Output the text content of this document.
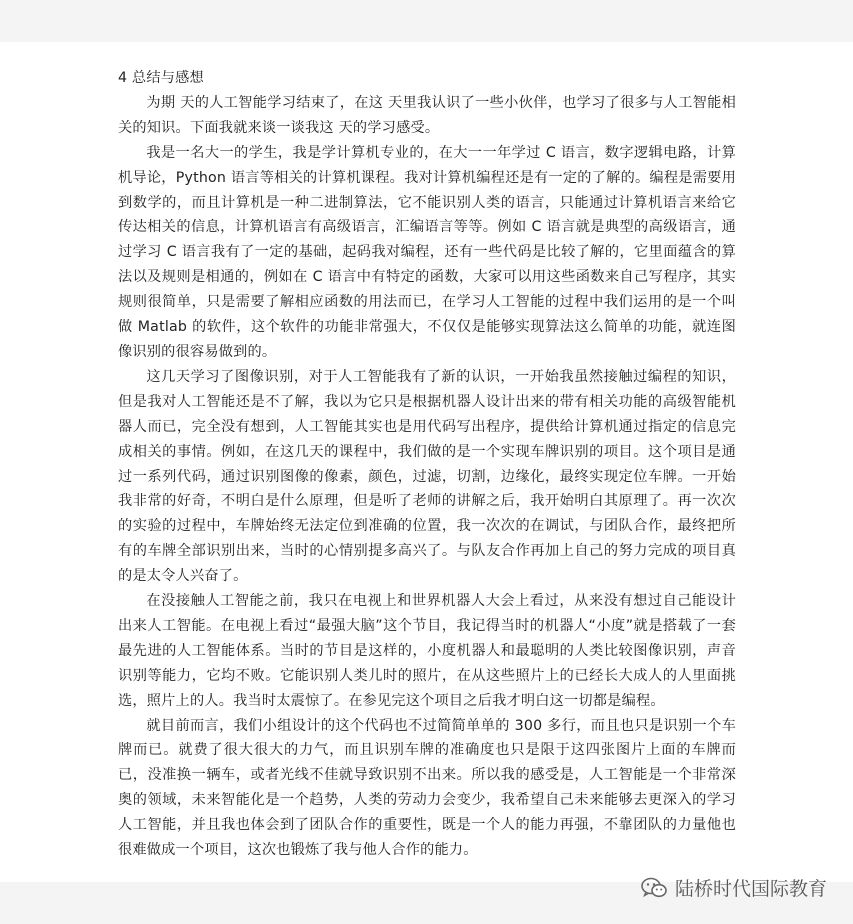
4 总结与感想

为期 天的人工智能学习结束了，在这 天里我认识了一些小伙伴，也学习了很多与人工智能相关的知识。下面我就来谈一谈我这 天的学习感受。

我是一名大一的学生，我是学计算机专业的，在大一一年学过 C 语言，数字逻辑电路，计算机导论，Python 语言等相关的计算机课程。我对计算机编程还是有一定的了解的。编程是需要用到数学的，而且计算机是一种二进制算法，它不能识别人类的语言，只能通过计算机语言来给它传达相关的信息，计算机语言有高级语言，汇编语言等等。例如 C 语言就是典型的高级语言，通过学习 C 语言我有了一定的基础，起码我对编程，还有一些代码是比较了解的，它里面蕴含的算法以及规则是相通的，例如在 C 语言中有特定的函数，大家可以用这些函数来自己写程序，其实规则很简单，只是需要了解相应函数的用法而已，在学习人工智能的过程中我们运用的是一个叫做 Matlab 的软件，这个软件的功能非常强大，不仅仅是能够实现算法这么简单的功能，就连图像识别的很容易做到的。

这几天学习了图像识别，对于人工智能我有了新的认识，一开始我虽然接触过编程的知识，但是我对人工智能还是不了解，我以为它只是根据机器人设计出来的带有相关功能的高级智能机器人而已，完全没有想到，人工智能其实也是用代码写出程序，提供给计算机通过指定的信息完成相关的事情。例如，在这几天的课程中，我们做的是一个实现车牌识别的项目。这个项目是通过一系列代码，通过识别图像的像素，颜色，过滤，切割，边缘化，最终实现定位车牌。一开始我非常的好奇，不明白是什么原理，但是听了老师的讲解之后，我开始明白其原理了。再一次次的实验的过程中，车牌始终无法定位到准确的位置，我一次次的在调试，与团队合作，最终把所有的车牌全部识别出来，当时的心情别提多高兴了。与队友合作再加上自己的努力完成的项目真的是太令人兴奋了。

在没接触人工智能之前，我只在电视上和世界机器人大会上看过，从来没有想过自己能设计出来人工智能。在电视上看过“最强大脑”这个节目，我记得当时的机器人“小度”就是搭载了一套最先进的人工智能体系。当时的节目是这样的，小度机器人和最聪明的人类比较图像识别，声音识别等能力，它均不败。它能识别人类儿时的照片，在从这些照片上的已经长大成人的人里面挑选，照片上的人。我当时太震惊了。在参见完这个项目之后我才明白这一切都是编程。

就目前而言，我们小组设计的这个代码也不过简简单单的 300 多行，而且也只是识别一个车牌而已。就费了很大很大的力气，而且识别车牌的准确度也只是限于这四张图片上面的车牌而已，没准换一辆车，或者光线不佳就导致识别不出来。所以我的感受是，人工智能是一个非常深奥的领域，未来智能化是一个趋势，人类的劳动力会变少，我希望自己未来能够去更深入的学习人工智能，并且我也体会到了团队合作的重要性，既是一个人的能力再强，不靠团队的力量他也很难做成一个项目，这次也锻炼了我与他人合作的能力。

陆桥时代国际教育
